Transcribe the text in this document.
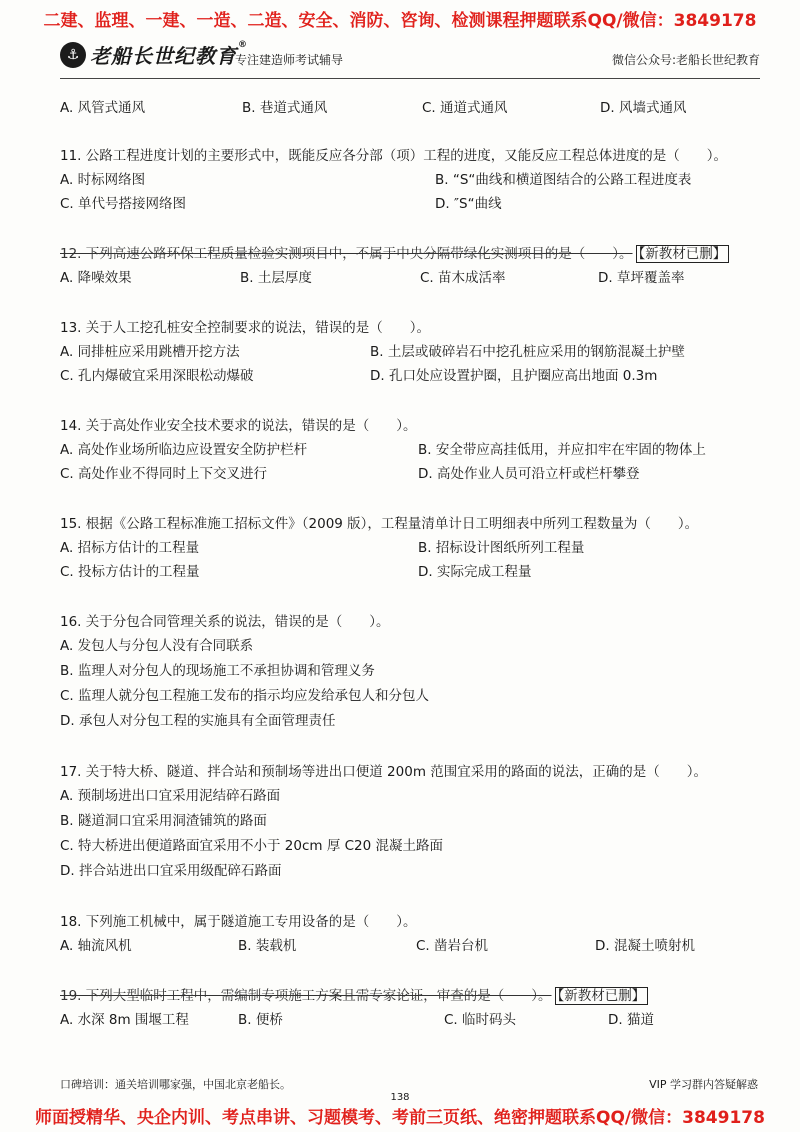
二建、监理、一建、一造、二造、安全、消防、咨询、检测课程押题联系QQ/微信：3849178
⚓ 老船长世纪教育®
专注建造师考试辅导	微信公众号:老船长世纪教育
A. 风管式通风	B. 巷道式通风	C. 通道式通风	D. 风墙式通风
11. 公路工程进度计划的主要形式中，既能反应各分部（项）工程的进度，又能反应工程总体进度的是（　　）。
A. 时标网络图	B. “S“曲线和横道图结合的公路工程进度表
C. 单代号搭接网络图	D. ″S“曲线
12. 下列高速公路环保工程质量检验实测项目中，不属于中央分隔带绿化实测项目的是（　　）。 【新教材已删】
A. 降噪效果	B. 土层厚度	C. 苗木成活率	D. 草坪覆盖率
13. 关于人工挖孔桩安全控制要求的说法，错误的是（　　）。
A. 同排桩应采用跳槽开挖方法	B. 土层或破碎岩石中挖孔桩应采用的钢筋混凝土护壁
C. 孔内爆破宜采用深眼松动爆破	D. 孔口处应设置护圈，且护圈应高出地面 0.3m
14. 关于高处作业安全技术要求的说法，错误的是（　　）。
A. 高处作业场所临边应设置安全防护栏杆	B. 安全带应高挂低用，并应扣牢在牢固的物体上
C. 高处作业不得同时上下交叉进行	D. 高处作业人员可沿立杆或栏杆攀登
15. 根据《公路工程标准施工招标文件》（2009 版），工程量清单计日工明细表中所列工程数量为（　　）。
A. 招标方估计的工程量	B. 招标设计图纸所列工程量
C. 投标方估计的工程量	D. 实际完成工程量
16. 关于分包合同管理关系的说法，错误的是（　　）。
A. 发包人与分包人没有合同联系
B. 监理人对分包人的现场施工不承担协调和管理义务
C. 监理人就分包工程施工发布的指示均应发给承包人和分包人
D. 承包人对分包工程的实施具有全面管理责任
17. 关于特大桥、隧道、拌合站和预制场等进出口便道 200m 范围宜采用的路面的说法，正确的是（　　）。
A. 预制场进出口宜采用泥结碎石路面
B. 隧道洞口宜采用洞渣铺筑的路面
C. 特大桥进出便道路面宜采用不小于 20cm 厚 C20 混凝土路面
D. 拌合站进出口宜采用级配碎石路面
18. 下列施工机械中，属于隧道施工专用设备的是（　　）。
A. 轴流风机	B. 装载机	C. 凿岩台机	D. 混凝土喷射机
19. 下列大型临时工程中，需编制专项施工方案且需专家论证，审查的是（　　）。 【新教材已删】
A. 水深 8m 围堰工程	B. 便桥	C. 临时码头	D. 猫道
口碑培训：通关培训哪家强，中国北京老船长。	VIP 学习群内答疑解惑
138
师面授精华、央企内训、考点串讲、习题模考、考前三页纸、绝密押题联系QQ/微信：3849178
